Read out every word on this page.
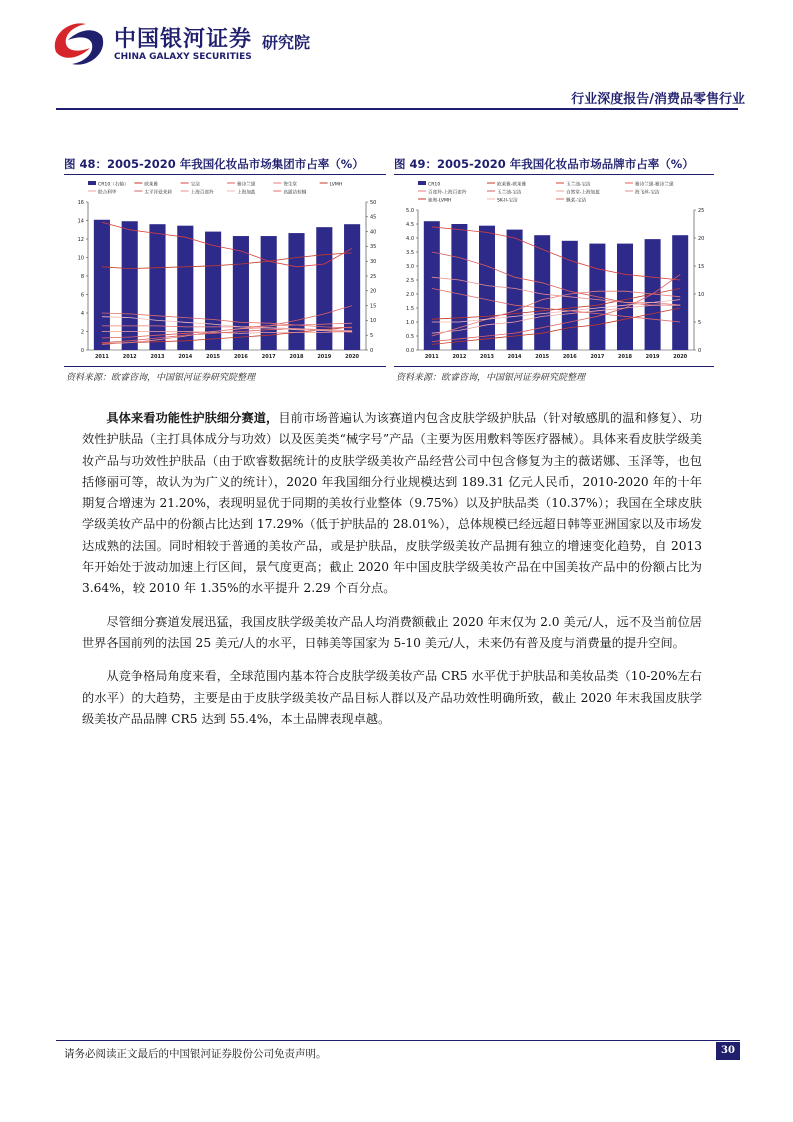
中国银河证券
CHINA GALAXY SECURITIES
研究院
行业深度报告/消费品零售行业
图 48：2005-2020 年我国化妆品市场集团市占率（%）
CR10（右轴）	欧莱雅	宝洁	雅诗兰黛	资生堂	LVMH
联合利华	太平洋爱茉莉	上海百雀羚	上海加蓝	高露洁棕榈
0
2
4
6
8
10
12
14
16
0
5
10
15
20
25
30
35
40
45
50
2011	2012	2013	2014	2015	2016	2017	2018	2019	2020
资料来源：欧睿咨询，中国银河证券研究院整理
图 49：2005-2020 年我国化妆品市场品牌市占率（%）
CR10	欧莱雅-欧莱雅	玉兰油-宝洁	雅诗兰黛-雅诗兰黛
百雀羚-上海百雀羚	玉兰油-宝洁	自然堂-上海加蓝	海飞丝-宝洁
迪奥-LVMH	SK-II-宝洁	飘柔-宝洁
0.0
0.5
1.0
1.5
2.0
2.5
3.0
3.5
4.0
4.5
5.0
0
5
10
15
20
25
2011	2012	2013	2014	2015	2016	2017	2018	2019	2020
资料来源：欧睿咨询，中国银河证券研究院整理

具体来看功能性护肤细分赛道，目前市场普遍认为该赛道内包含皮肤学级护肤品（针对敏感肌的温和修复）、功效性护肤品（主打具体成分与功效）以及医美类“械字号”产品（主要为医用敷料等医疗器械）。具体来看皮肤学级美妆产品与功效性护肤品（由于欧睿数据统计的皮肤学级美妆产品经营公司中包含修复为主的薇诺娜、玉泽等，也包括修丽可等，故认为为广义的统计），2020 年我国细分行业规模达到 189.31 亿元人民币，2010-2020 年的十年期复合增速为 21.20%，表现明显优于同期的美妆行业整体（9.75%）以及护肤品类（10.37%）；我国在全球皮肤学级美妆产品中的份额占比达到 17.29%（低于护肤品的 28.01%），总体规模已经远超日韩等亚洲国家以及市场发达成熟的法国。同时相较于普通的美妆产品，或是护肤品，皮肤学级美妆产品拥有独立的增速变化趋势，自 2013 年开始处于波动加速上行区间，景气度更高；截止 2020 年中国皮肤学级美妆产品在中国美妆产品中的份额占比为 3.64%，较 2010 年 1.35%的水平提升 2.29 个百分点。

尽管细分赛道发展迅猛，我国皮肤学级美妆产品人均消费额截止 2020 年末仅为 2.0 美元/人，远不及当前位居世界各国前列的法国 25 美元/人的水平，日韩美等国家为 5-10 美元/人，未来仍有普及度与消费量的提升空间。

从竞争格局角度来看，全球范围内基本符合皮肤学级美妆产品 CR5 水平优于护肤品和美妆品类（10-20%左右的水平）的大趋势，主要是由于皮肤学级美妆产品目标人群以及产品功效性明确所致，截止 2020 年末我国皮肤学级美妆产品品牌 CR5 达到 55.4%，本土品牌表现卓越。

请务必阅读正文最后的中国银河证券股份公司免责声明。	30
